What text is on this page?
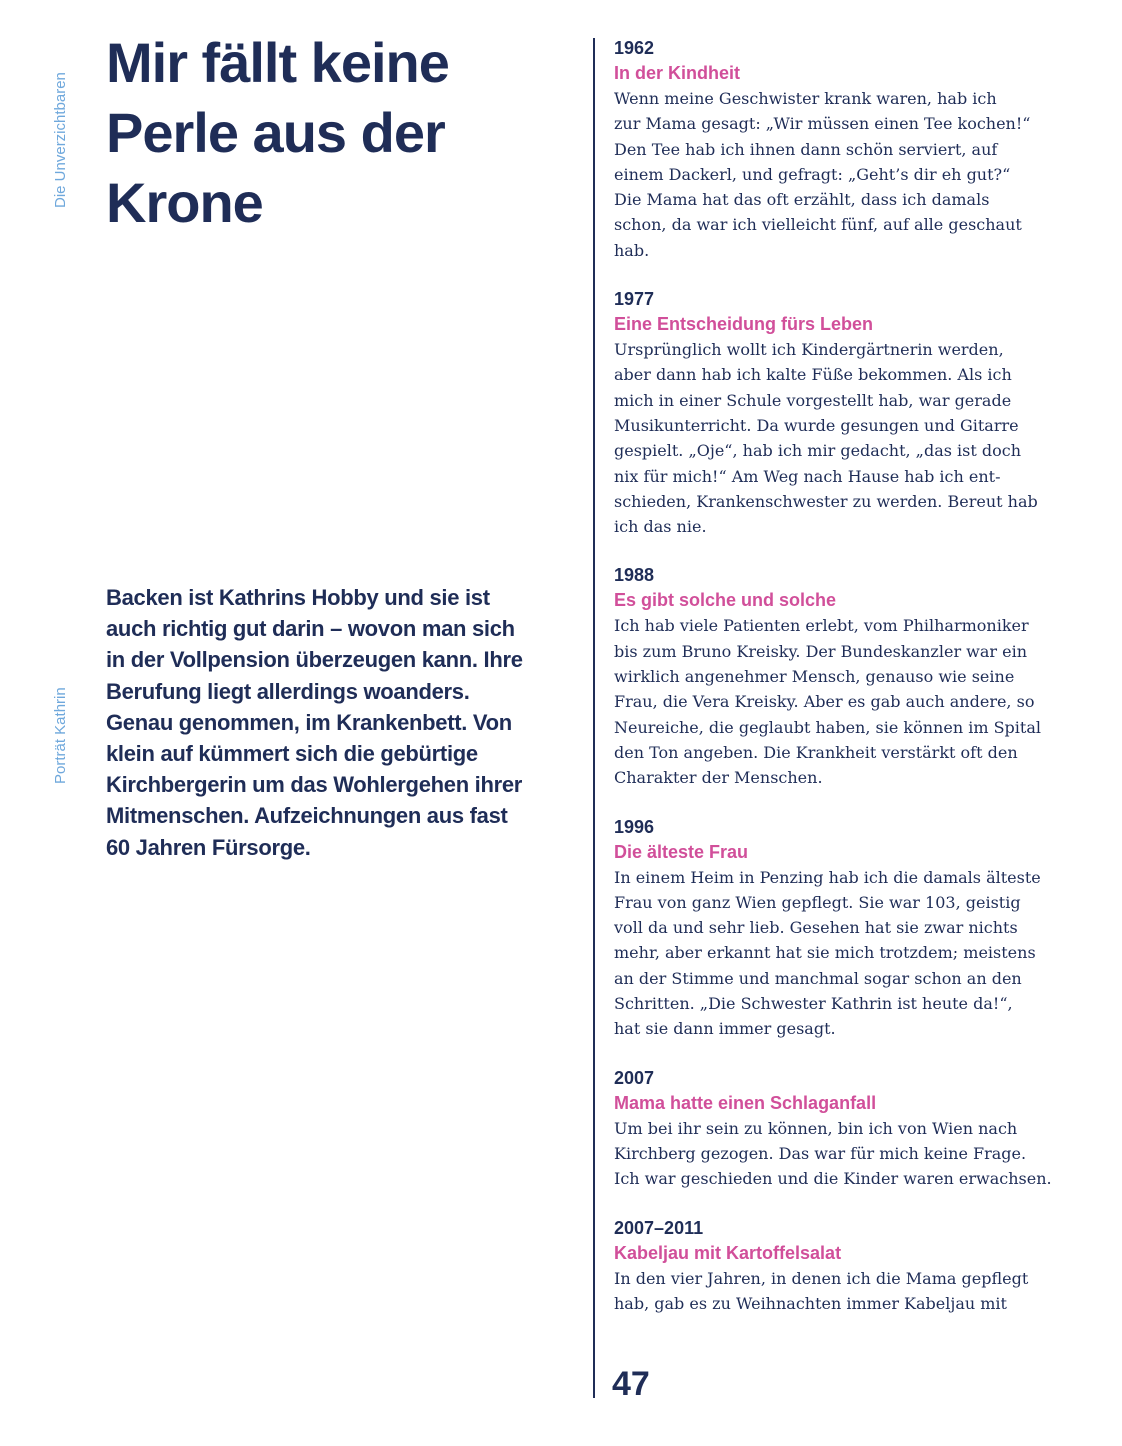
Die Unverzichtbaren
Porträt Kathrin
Mir fällt keine
Perle aus der
Krone

Backen ist Kathrins Hobby und sie ist
auch richtig gut darin – wovon man sich
in der Vollpension überzeugen kann. Ihre
Berufung liegt allerdings woanders.
Genau genommen, im Krankenbett. Von
klein auf kümmert sich die gebürtige
Kirchbergerin um das Wohlergehen ihrer
Mitmenschen. Aufzeichnungen aus fast
60 Jahren Fürsorge.

1962
In der Kindheit

Wenn meine Geschwister krank waren, hab ich
zur Mama gesagt: „Wir müssen einen Tee kochen!“
Den Tee hab ich ihnen dann schön serviert, auf
einem Dackerl, und gefragt: „Geht’s dir eh gut?“
Die Mama hat das oft erzählt, dass ich damals
schon, da war ich vielleicht fünf, auf alle geschaut
hab.

1977
Eine Entscheidung fürs Leben

Ursprünglich wollt ich Kindergärtnerin werden,
aber dann hab ich kalte Füße bekommen. Als ich
mich in einer Schule vorgestellt hab, war gerade
Musikunterricht. Da wurde gesungen und Gitarre
gespielt. „Oje“, hab ich mir gedacht, „das ist doch
nix für mich!“ Am Weg nach Hause hab ich ent-
schieden, Krankenschwester zu werden. Bereut hab
ich das nie.

1988
Es gibt solche und solche

Ich hab viele Patienten erlebt, vom Philharmoniker
bis zum Bruno Kreisky. Der Bundeskanzler war ein
wirklich angenehmer Mensch, genauso wie seine
Frau, die Vera Kreisky. Aber es gab auch andere, so
Neureiche, die geglaubt haben, sie können im Spital
den Ton angeben. Die Krankheit verstärkt oft den
Charakter der Menschen.

1996
Die älteste Frau

In einem Heim in Penzing hab ich die damals älteste
Frau von ganz Wien gepflegt. Sie war 103, geistig
voll da und sehr lieb. Gesehen hat sie zwar nichts
mehr, aber erkannt hat sie mich trotzdem; meistens
an der Stimme und manchmal sogar schon an den
Schritten. „Die Schwester Kathrin ist heute da!“,
hat sie dann immer gesagt.

2007
Mama hatte einen Schlaganfall

Um bei ihr sein zu können, bin ich von Wien nach
Kirchberg gezogen. Das war für mich keine Frage.
Ich war geschieden und die Kinder waren erwachsen.

2007–2011
Kabeljau mit Kartoffelsalat

In den vier Jahren, in denen ich die Mama gepflegt
hab, gab es zu Weihnachten immer Kabeljau mit

47
